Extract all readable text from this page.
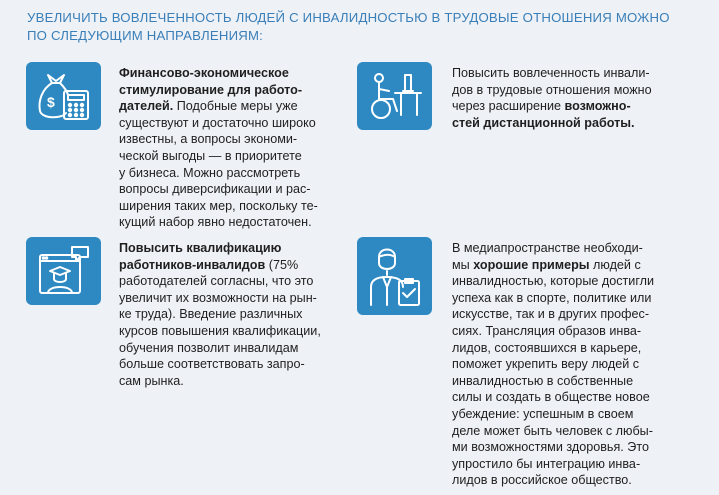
УВЕЛИЧИТЬ ВОВЛЕЧЕННОСТЬ ЛЮДЕЙ С ИНВАЛИДНОСТЬЮ В ТРУДОВЫЕ ОТНОШЕНИЯ МОЖНО
ПО СЛЕДУЮЩИМ НАПРАВЛЕНИЯМ:
$

Финансово-экономическое
стимулирование для работо-
дателей. Подобные меры уже
существуют и достаточно широко
известны, а вопросы экономи-
ческой выгоды — в приоритете
у бизнеса. Можно рассмотреть
вопросы диверсификации и рас-
ширения таких мер, поскольку те-
кущий набор явно недостаточен.

Повысить вовлеченность инвали-
дов в трудовые отношения можно
через расширение возможно-
стей дистанционной работы.

Повысить квалификацию
работников-инвалидов (75%
работодателей согласны, что это
увеличит их возможности на рын-
ке труда). Введение различных
курсов повышения квалификации,
обучения позволит инвалидам
больше соответствовать запро-
сам рынка.

В медиапространстве необходи-
мы хорошие примеры людей с
инвалидностью, которые достигли
успеха как в спорте, политике или
искусстве, так и в других профес-
сиях. Трансляция образов инва-
лидов, состоявшихся в карьере,
поможет укрепить веру людей с
инвалидностью в собственные
силы и создать в обществе новое
убеждение: успешным в своем
деле может быть человек с любы-
ми возможностями здоровья. Это
упростило бы интеграцию инва-
лидов в российское общество.
